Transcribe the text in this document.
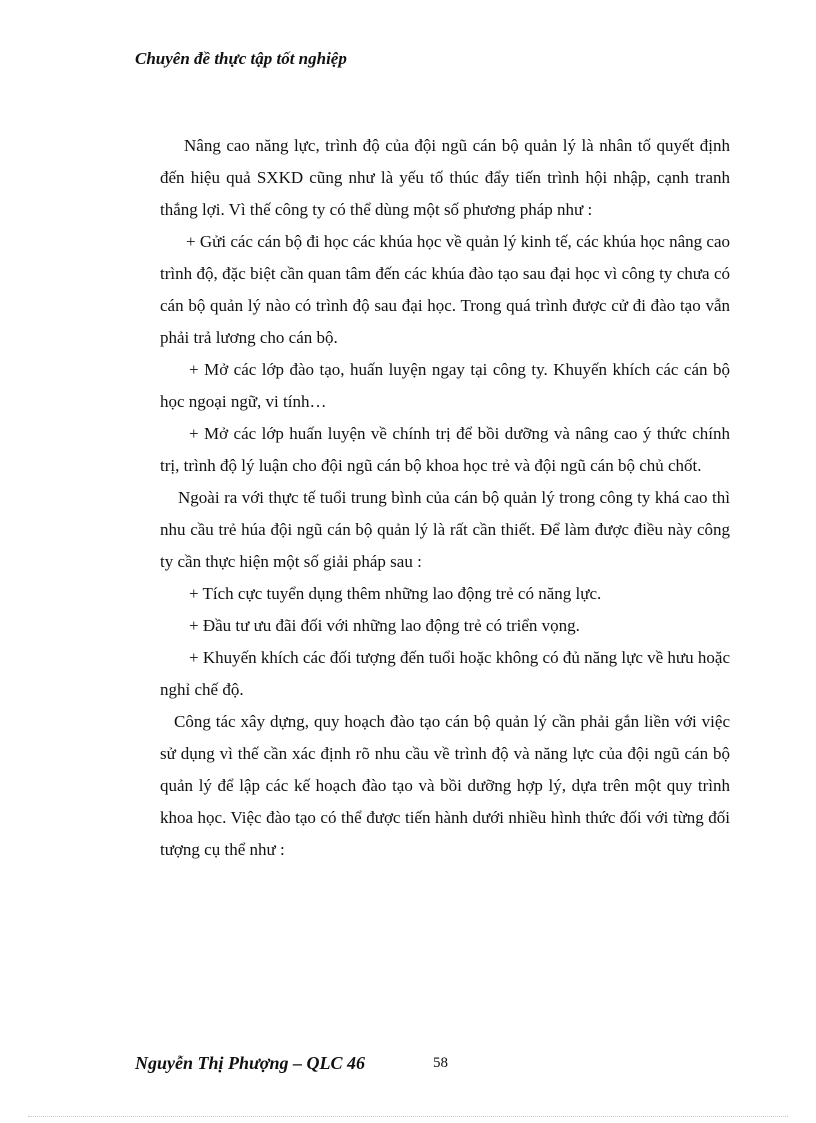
Chuyên đề thực tập tốt nghiệp

Nâng cao năng lực, trình độ của đội ngũ cán bộ quản lý là nhân tố quyết định đến hiệu quả SXKD cũng như là yếu tố thúc đẩy tiến trình hội nhập, cạnh tranh thắng lợi. Vì thế công ty có thể dùng một số phương pháp như :

+ Gửi các cán bộ đi học các khúa học về quản lý kinh tế, các khúa học nâng cao trình độ, đặc biệt cần quan tâm đến các khúa đào tạo sau đại học vì công ty chưa có cán bộ quản lý nào có trình độ sau đại học. Trong quá trình được cử đi đào tạo vẫn phải trả lương cho cán bộ.

+ Mở các lớp đào tạo, huấn luyện ngay tại công ty. Khuyến khích các cán bộ học ngoại ngữ, vi tính…

+ Mở các lớp huấn luyện về chính trị để bồi dưỡng và nâng cao ý thức chính trị, trình độ lý luận cho đội ngũ cán bộ khoa học trẻ và đội ngũ cán bộ chủ chốt.

Ngoài ra với thực tế tuổi trung bình của cán bộ quản lý trong công ty khá cao thì nhu cầu trẻ húa đội ngũ cán bộ quản lý là rất cần thiết. Để làm được điều này công ty cần thực hiện một số giải pháp sau :

+ Tích cực tuyển dụng thêm những lao động trẻ có năng lực.

+ Đầu tư ưu đãi đối với những lao động trẻ có triển vọng.

+ Khuyến khích các đối tượng đến tuổi hoặc không có đủ năng lực về hưu hoặc nghỉ chế độ.

Công tác xây dựng, quy hoạch đào tạo cán bộ quản lý cần phải gắn liền với việc sử dụng vì thế cần xác định rõ nhu cầu về trình độ và năng lực của đội ngũ cán bộ quản lý để lập các kế hoạch đào tạo và bồi dưỡng hợp lý, dựa trên một quy trình khoa học. Việc đào tạo có thể được tiến hành dưới nhiều hình thức đối với từng đối tượng cụ thể như :

Nguyễn Thị Phượng – QLC 46	58
